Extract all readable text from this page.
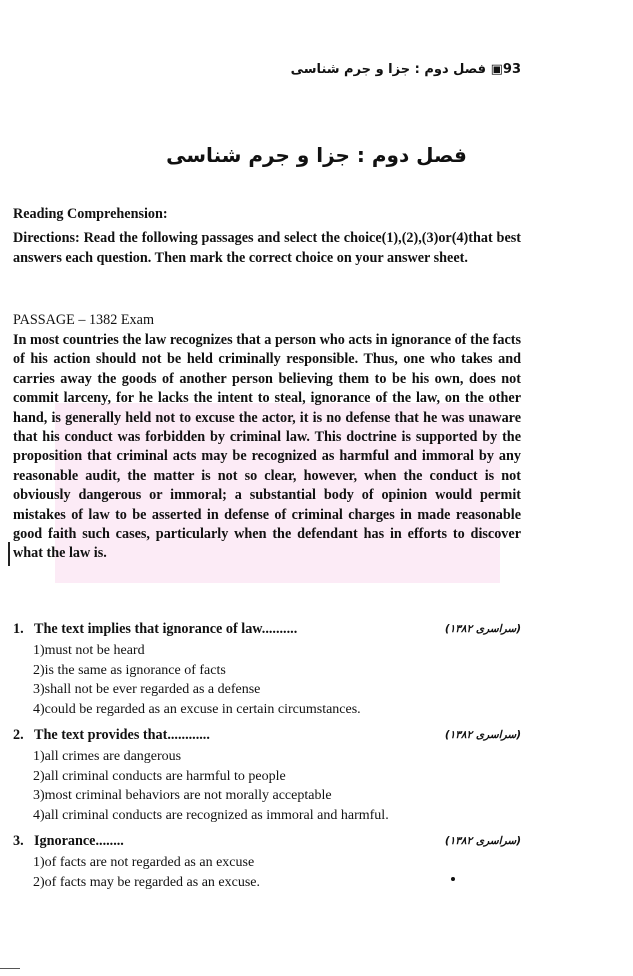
▣93 فصل دوم : جزا و جرم شناسی
فصل دوم : جزا و جرم شناسی
Reading Comprehension:
Directions: Read the following passages and select the choice(1),(2),(3)or(4)that best answers each question. Then mark the correct choice on your answer sheet.
PASSAGE – 1382 Exam
In most countries the law recognizes that a person who acts in ignorance of the facts of his action should not be held criminally responsible. Thus, one who takes and carries away the goods of another person believing them to be his own, does not commit larceny, for he lacks the intent to steal, ignorance of the law, on the other hand, is generally held not to excuse the actor, it is no defense that he was unaware that his conduct was forbidden by criminal law. This doctrine is supported by the proposition that criminal acts may be recognized as harmful and immoral by any reasonable audit, the matter is not so clear, however, when the conduct is not obviously dangerous or immoral; a substantial body of opinion would permit mistakes of law to be asserted in defense of criminal charges in made reasonable good faith such cases, particularly when the defendant has in efforts to discover what the law is.
1. The text implies that ignorance of law..........	(سراسری ۱۳۸۲)
1)must not be heard
2)is the same as ignorance of facts
3)shall not be ever regarded as a defense
4)could be regarded as an excuse in certain circumstances.
2. The text provides that............	(سراسری ۱۳۸۲)
1)all crimes are dangerous
2)all criminal conducts are harmful to people
3)most criminal behaviors are not morally acceptable
4)all criminal conducts are recognized as immoral and harmful.
3. Ignorance........	(سراسری ۱۳۸۲)
1)of facts are not regarded as an excuse
2)of facts may be regarded as an excuse.
